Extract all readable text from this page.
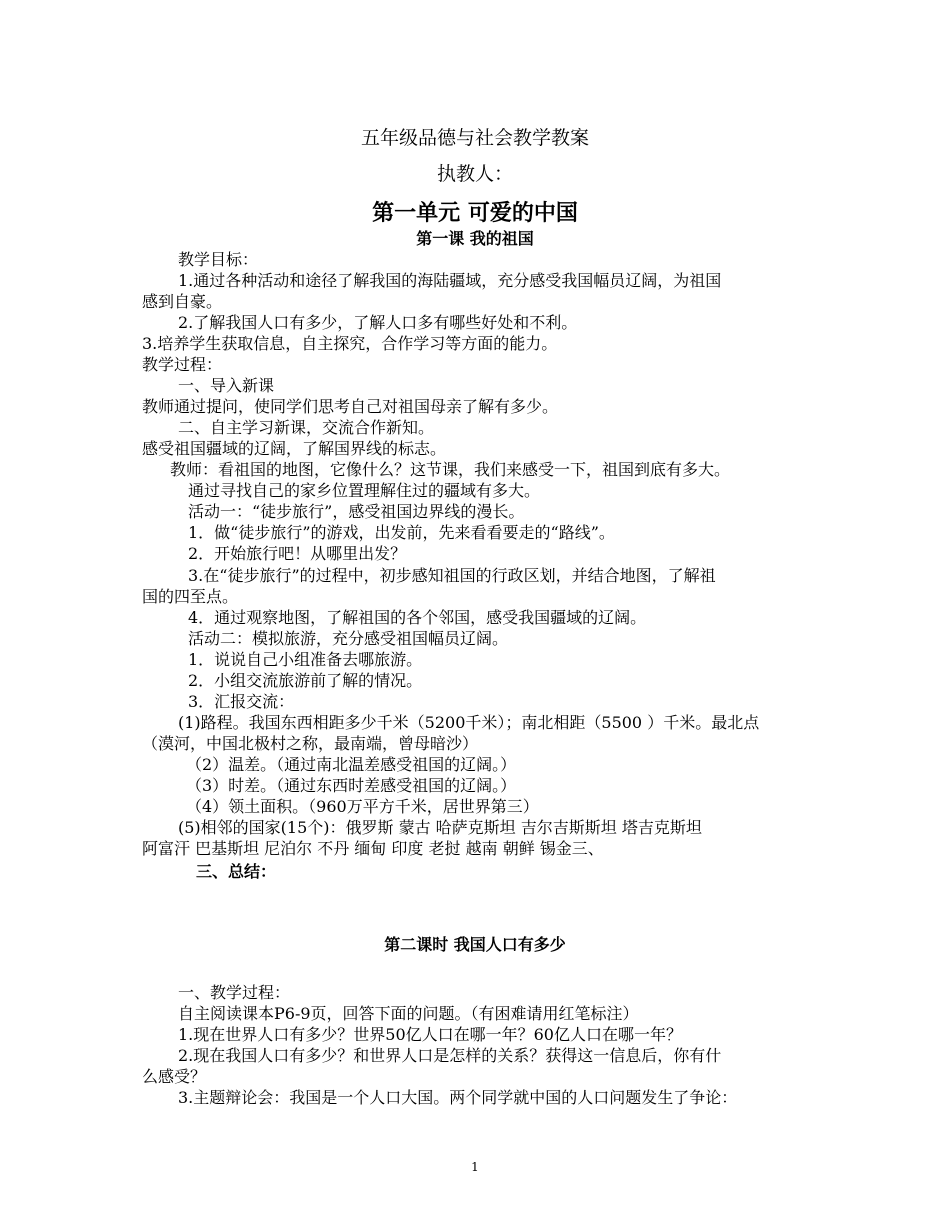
五年级品德与社会教学教案
执教人：
第一单元 可爱的中国
第一课 我的祖国
教学目标：
1.通过各种活动和途径了解我国的海陆疆域，充分感受我国幅员辽阔，为祖国
感到自豪。
2.了解我国人口有多少，了解人口多有哪些好处和不利。
3.培养学生获取信息，自主探究，合作学习等方面的能力。
教学过程：
一、导入新课
教师通过提问，使同学们思考自己对祖国母亲了解有多少。
二、自主学习新课，交流合作新知。
感受祖国疆域的辽阔，了解国界线的标志。
教师：看祖国的地图，它像什么？这节课，我们来感受一下，祖国到底有多大。
通过寻找自己的家乡位置理解住过的疆域有多大。
活动一：“徒步旅行”，感受祖国边界线的漫长。
1．做“徒步旅行”的游戏，出发前，先来看看要走的“路线”。
2．开始旅行吧！从哪里出发？
3.在“徒步旅行”的过程中，初步感知祖国的行政区划，并结合地图，了解祖
国的四至点。
4．通过观察地图，了解祖国的各个邻国，感受我国疆域的辽阔。
活动二：模拟旅游，充分感受祖国幅员辽阔。
1．说说自己小组准备去哪旅游。
2．小组交流旅游前了解的情况。
3．汇报交流：
(1)路程。我国东西相距多少千米（5200千米）；南北相距（5500 ）千米。最北点
（漠河，中国北极村之称，最南端，曾母暗沙）
（2）温差。（通过南北温差感受祖国的辽阔。）
（3）时差。（通过东西时差感受祖国的辽阔。）
（4）领土面积。（960万平方千米，居世界第三）
(5)相邻的国家(15个)：俄罗斯 蒙古 哈萨克斯坦 吉尔吉斯斯坦 塔吉克斯坦
阿富汗 巴基斯坦 尼泊尔 不丹 缅甸 印度 老挝 越南 朝鲜 锡金三、
三、总结：
第二课时 我国人口有多少
一、教学过程：
自主阅读课本P6-9页，回答下面的问题。（有困难请用红笔标注）
1.现在世界人口有多少？世界50亿人口在哪一年？60亿人口在哪一年？
2.现在我国人口有多少？和世界人口是怎样的关系？获得这一信息后，你有什
么感受？
3.主题辩论会：我国是一个人口大国。两个同学就中国的人口问题发生了争论：
1
